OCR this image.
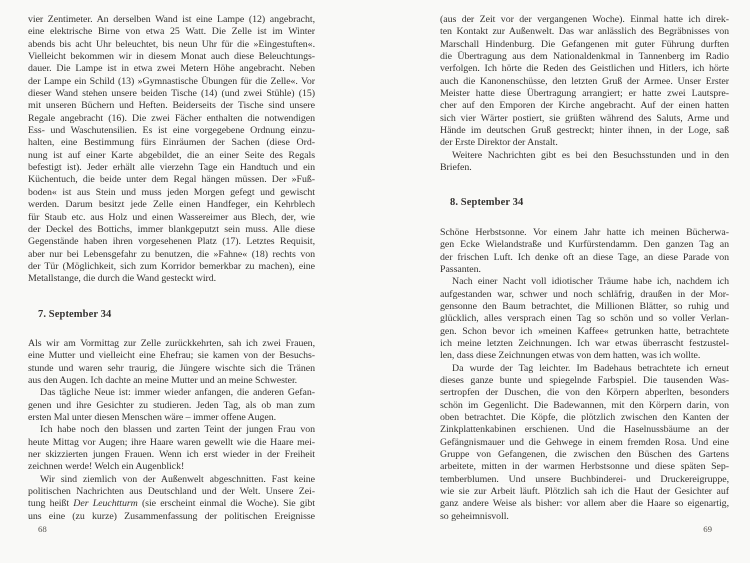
vier Zentimeter. An derselben Wand ist eine Lampe (12) angebracht,
eine elektrische Birne von etwa 25 Watt. Die Zelle ist im Winter
abends bis acht Uhr beleuchtet, bis neun Uhr für die »Eingestuften«.
Vielleicht bekommen wir in diesem Monat auch diese Beleuchtungs-
dauer. Die Lampe ist in etwa zwei Metern Höhe angebracht. Neben
der Lampe ein Schild (13) »Gymnastische Übungen für die Zelle«. Vor
dieser Wand stehen unsere beiden Tische (14) (und zwei Stühle) (15)
mit unseren Büchern und Heften. Beiderseits der Tische sind unsere
Regale angebracht (16). Die zwei Fächer enthalten die notwendigen
Ess- und Waschutensilien. Es ist eine vorgegebene Ordnung einzu-
halten, eine Bestimmung fürs Einräumen der Sachen (diese Ord-
nung ist auf einer Karte abgebildet, die an einer Seite des Regals
befestigt ist). Jeder erhält alle vierzehn Tage ein Handtuch und ein
Küchentuch, die beide unter dem Regal hängen müssen. Der »Fuß-
boden« ist aus Stein und muss jeden Morgen gefegt und gewischt
werden. Darum besitzt jede Zelle einen Handfeger, ein Kehrblech
für Staub etc. aus Holz und einen Wassereimer aus Blech, der, wie
der Deckel des Bottichs, immer blankgeputzt sein muss. Alle diese
Gegenstände haben ihren vorgesehenen Platz (17). Letztes Requisit,
aber nur bei Lebensgefahr zu benutzen, die »Fahne« (18) rechts von
der Tür (Möglichkeit, sich zum Korridor bemerkbar zu machen), eine
Metallstange, die durch die Wand gesteckt wird.
7. September 34
Als wir am Vormittag zur Zelle zurückkehrten, sah ich zwei Frauen,
eine Mutter und vielleicht eine Ehefrau; sie kamen von der Besuchs-
stunde und waren sehr traurig, die Jüngere wischte sich die Tränen
aus den Augen. Ich dachte an meine Mutter und an meine Schwester.
Das tägliche Neue ist: immer wieder anfangen, die anderen Gefan-
genen und ihre Gesichter zu studieren. Jeden Tag, als ob man zum
ersten Mal unter diesen Menschen wäre – immer offene Augen.
Ich habe noch den blassen und zarten Teint der jungen Frau von
heute Mittag vor Augen; ihre Haare waren gewellt wie die Haare mei-
ner skizzierten jungen Frauen. Wenn ich erst wieder in der Freiheit
zeichnen werde! Welch ein Augenblick!
Wir sind ziemlich von der Außenwelt abgeschnitten. Fast keine
politischen Nachrichten aus Deutschland und der Welt. Unsere Zei-
tung heißt Der Leuchtturm (sie erscheint einmal die Woche). Sie gibt
uns eine (zu kurze) Zusammenfassung der politischen Ereignisse
68
(aus der Zeit vor der vergangenen Woche). Einmal hatte ich direk-
ten Kontakt zur Außenwelt. Das war anlässlich des Begräbnisses von
Marschall Hindenburg. Die Gefangenen mit guter Führung durften
die Übertragung aus dem Nationaldenkmal in Tannenberg im Radio
verfolgen. Ich hörte die Reden des Geistlichen und Hitlers, ich hörte
auch die Kanonenschüsse, den letzten Gruß der Armee. Unser Erster
Meister hatte diese Übertragung arrangiert; er hatte zwei Lautspre-
cher auf den Emporen der Kirche angebracht. Auf der einen hatten
sich vier Wärter postiert, sie grüßten während des Saluts, Arme und
Hände im deutschen Gruß gestreckt; hinter ihnen, in der Loge, saß
der Erste Direktor der Anstalt.
Weitere Nachrichten gibt es bei den Besuchsstunden und in den
Briefen.
8. September 34
Schöne Herbstsonne. Vor einem Jahr hatte ich meinen Bücherwa-
gen Ecke Wielandstraße und Kurfürstendamm. Den ganzen Tag an
der frischen Luft. Ich denke oft an diese Tage, an diese Parade von
Passanten.
Nach einer Nacht voll idiotischer Träume habe ich, nachdem ich
aufgestanden war, schwer und noch schläfrig, draußen in der Mor-
gensonne den Baum betrachtet, die Millionen Blätter, so ruhig und
glücklich, alles versprach einen Tag so schön und so voller Verlan-
gen. Schon bevor ich »meinen Kaffee« getrunken hatte, betrachtete
ich meine letzten Zeichnungen. Ich war etwas überrascht festzustel-
len, dass diese Zeichnungen etwas von dem hatten, was ich wollte.
Da wurde der Tag leichter. Im Badehaus betrachtete ich erneut
dieses ganze bunte und spiegelnde Farbspiel. Die tausenden Was-
sertropfen der Duschen, die von den Körpern abperlten, besonders
schön im Gegenlicht. Die Badewannen, mit den Körpern darin, von
oben betrachtet. Die Köpfe, die plötzlich zwischen den Kanten der
Zinkplattenkabinen erschienen. Und die Haselnussbäume an der
Gefängnismauer und die Gehwege in einem fremden Rosa. Und eine
Gruppe von Gefangenen, die zwischen den Büschen des Gartens
arbeitete, mitten in der warmen Herbstsonne und diese späten Sep-
temberblumen. Und unsere Buchbinderei- und Druckereigruppe,
wie sie zur Arbeit läuft. Plötzlich sah ich die Haut der Gesichter auf
ganz andere Weise als bisher: vor allem aber die Haare so eigenartig,
so geheimnisvoll.
69
